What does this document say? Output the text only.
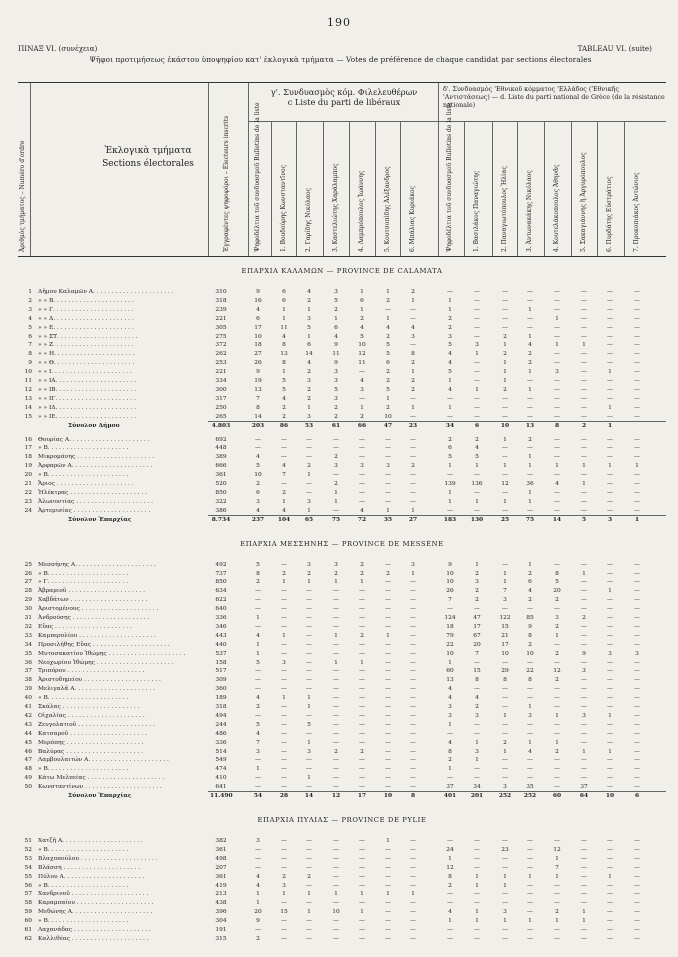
190
ΠΙΝΑΞ VI. (συνέχεια)	TABLEAU VI. (suite)
Ψῆφοι προτιμήσεως ἐκάστου ὑποψηφίου κατ' ἐκλογικὰ τμήματα — Votes de préférence de chaque candidat par sections électorales
Ἀριθμὸς τμήματος – Numéro d'ordre	Ἐκλογικὰ τμήματα
Sections électorales	Ἐγγραφέντες ψηφοφόροι – Électeurs inscrits
γ'. Συνδυασμὸς κόμ. Φιλελευθέρων
c Liste du parti de libéraux
δ'. Συνδυασμὸς 'Εθνικοῦ κόμματος 'Ελλάδος ('Εθνικῆς 'Αντιστάσεως) — d. Liste du parti national de Grèce (de la résistance nationale)
Ψηφοδέλτια τοῦ συνδυασμοῦ Bulletins de la liste	1. Βουδούρης Κωνσταντῖνος	2. Γαρίδης Νικόλαος	3. Καστελιώτης Χαράλαμπος	4. Λαμπρόπουλος Ἰωάννης	5. Κουτσοπίδης Ἀλέξανδρος	6. Μπάλιας Κυριάκος	Ψηφοδέλτια τοῦ συνδυασμοῦ Bulletins de la liste	1. Βασιλάκος Παναγιώτης	2. Παναγιωτόπουλος Ἠλίας	3. Ἀντωνακάκης Νικόλαος	4. Κουτελάκοπουλος Ἀθηνᾶς	5. Σακαγιάννης ἢ Ἀργυρόπουλος	6. Πυρδάτης Εὐστράτιος	7. Προκοπιάκος Ἀντώνιος
ΕΠΑΡΧΙΑ ΚΑΛΑΜΩΝ — PROVINCE DE CALAMATA
1 Δῆμου Καλαμῶν Α. . . . . . . . . . . . . . . . . . . . . .	310	9	6	4	3	1	1	2	—	—	—	—	—	—	—	—
2 » » Β. . . . . . . . . . . . . . . . . . . . . .	318	16	6	2	5	6	2	1	1	—	—	—	—	—	—	—
3 » » Γ. . . . . . . . . . . . . . . . . . . . . .	239	4	1	1	2	1	—	—	1	—	—	1	—	—	—	—
4 » » Δ. . . . . . . . . . . . . . . . . . . . . .	221	6	1	3	1	2	1	—	2	—	—	—	1	—	—	—
5 » » Ε. . . . . . . . . . . . . . . . . . . . . .	305	17	11	5	6	4	4	4	2	—	—	—	—	—	—	—
6 » » ΣΤ. . . . . . . . . . . . . . . . . . . . . .	275	10	4	1	4	5	2	3	3	—	2	1	—	—	—	—
7 » » Ζ. . . . . . . . . . . . . . . . . . . . . .	372	18	8	6	9	10	5	—	5	3	1	4	1	1	—	—
8 » » Η. . . . . . . . . . . . . . . . . . . . . .	262	27	13	14	11	12	5	8	4	1	2	2	—	—	—	—
9 » » Θ. . . . . . . . . . . . . . . . . . . . . .	253	26	8	4	9	11	6	2	4	—	1	2	—	—	—	—
10 » » Ι. . . . . . . . . . . . . . . . . . . . . .	221	9	1	2	3	—	2	1	5	—	1	1	3	—	1	—
11 » » ΙΑ. . . . . . . . . . . . . . . . . . . . . .	334	19	5	3	3	4	2	2	1	—	1	—	—	—	—	—
12 » » ΙΒ. . . . . . . . . . . . . . . . . . . . . .	300	13	5	2	5	3	5	2	4	1	2	1	—	—	—	—
13 » » ΙΓ. . . . . . . . . . . . . . . . . . . . . .	317	7	4	2	3	—	1	—	—	—	—	—	—	—	—	—
14 » » ΙΔ. . . . . . . . . . . . . . . . . . . . . .	250	8	2	1	2	1	2	1	1	—	—	—	—	—	1	—
15 » » ΙΕ. . . . . . . . . . . . . . . . . . . . . .	265	14	2	3	2	2	10	—	—	—	—	—	—	—	—	—
Σύνολον Δήμου	4.803	203	86	53	61	66	47	23	34	6	10	13	8	2	1
16 Θουρίας Α. . . . . . . . . . . . . . . . . . . . . .	692	—	—	—	—	—	—	—	2	2	1	2	—	—	—	—
17 » Β. . . . . . . . . . . . . . . . . . . . . .	448	—	—	—	—	—	—	—	6	4	—	—	—	—	—	—
18 Μικρομάνης . . . . . . . . . . . . . . . . . . . . .	389	4	—	—	2	—	—	—	5	5	—	1	—	—	—	—
19 Ἀρφαρῶν Α. . . . . . . . . . . . . . . . . . . . . .	666	5	4	2	3	3	3	2	1	1	1	1	1	1	1	1
20 » Β. . . . . . . . . . . . . . . . . . . . . .	361	10	7	1	—	—	—	—	—	—	—	—	—	—	—	—
21 Ἄριος . . . . . . . . . . . . . . . . . . . . .	520	2	—	—	2	—	—	—	139	136	12	36	4	1	—	—
22 Ἠλέκτρας . . . . . . . . . . . . . . . . . . . . .	850	6	2	—	1	—	—	—	1	—	—	1	—	—	—	—
23 Ἀλωνοντίας . . . . . . . . . . . . . . . . . . . . .	322	3	1	3	1	—	—	—	1	1	1	1	—	—	—	—
24 Ἀρτεμισίας . . . . . . . . . . . . . . . . . . . . .	386	4	4	1	—	4	1	1	—	—	—	—	—	—	—	—
Σύνολον Ἐπαρχίας	8.734	237	104	65	75	72	35	27	183	130	25	75	14	5	3	1
ΕΠΑΡΧΙΑ ΜΕΣΣΗΝΗΣ — PROVINCE DE MESSÉNE
25 Μεσσήνης Α. . . . . . . . . . . . . . . . . . . . . .	492	5	—	3	3	2	—	3	9	1	—	1	—	—	—	—
26 » Β. . . . . . . . . . . . . . . . . . . . . .	737	8	2	2	2	2	2	1	10	2	1	2	8	1	—	—
27 » Γ. . . . . . . . . . . . . . . . . . . . . .	850	2	1	1	1	1	—	—	10	3	1	6	5	—	—	—
28 Ἀβραμιοῦ . . . . . . . . . . . . . . . . . . . . .	634	—	—	—	—	—	—	—	26	2	7	4	20	—	1	—
29 Χαβδάτων . . . . . . . . . . . . . . . . . . . . .	622	—	—	—	—	—	—	—	7	2	3	2	2	—	—	—
30 Ἀριστομένους . . . . . . . . . . . . . . . . . . . . .	640	—	—	—	—	—	—	—	—	—	—	—	—	—	—	—
31 Ἀνδρούσης . . . . . . . . . . . . . . . . . . . . .	336	1	—	—	—	—	—	—	124	47	122	85	3	2	—	—
32 Εὔας . . . . . . . . . . . . . . . . . . . . .	346	—	—	—	—	—	—	—	18	17	15	9	2	—	—	—
33 Καμπερολίου . . . . . . . . . . . . . . . . . . . . .	443	4	1	—	1	2	1	—	79	67	21	8	1	—	—	—
34 Προσιλήθης Εὔας . . . . . . . . . . . . . . . . . . . . .	440	1	—	—	—	—	—	—	22	20	17	2	—	—	—	—
35 Μυτοσακατίου Ἰθώμης . . . . . . . . . . . . . . . . . . . . .	537	1	—	—	—	—	—	—	10	7	10	10	2	9	3	3
36 Νεοχωρίου Ἰθώμης . . . . . . . . . . . . . . . . . . . . .	158	5	3	—	1	1	—	—	1	—	—	—	—	—	—	—
37 Τριπόρου . . . . . . . . . . . . . . . . . . . . .	517	—	—	—	—	—	—	—	60	15	29	22	12	3	—	—
38 Ἀριστοδημείου . . . . . . . . . . . . . . . . . . . . .	309	—	—	—	—	—	—	—	13	8	8	8	2	—	—	—
39 Μελιγαλᾶ Α. . . . . . . . . . . . . . . . . . . . . .	360	—	—	—	—	—	—	—	4	—	—	—	—	—	—	—
40 » Β. . . . . . . . . . . . . . . . . . . . . .	189	4	1	1	—	—	—	—	4	4	—	—	—	—	—	—
41 Σκάλας . . . . . . . . . . . . . . . . . . . . .	318	2	—	1	—	—	—	—	3	2	—	1	—	—	—	—
42 Οἰχαλίας . . . . . . . . . . . . . . . . . . . . .	494	—	—	—	—	—	—	—	3	3	1	3	1	3	1	—
43 Ζευγολατιοῦ . . . . . . . . . . . . . . . . . . . . .	244	5	—	5	—	—	—	—	1	—	—	—	—	—	—	—
44 Κατσαροῦ . . . . . . . . . . . . . . . . . . . . .	486	4	—	—	—	—	—	—	—	—	—	—	—	—	—	—
45 Μερόπης . . . . . . . . . . . . . . . . . . . . .	336	7	—	1	—	—	—	—	4	1	2	1	1	—	—	—
46 Βαλύρας . . . . . . . . . . . . . . . . . . . . .	514	3	—	3	2	2	—	—	8	3	1	4	2	1	1	—
47 Λαμβουλαιτών Α. . . . . . . . . . . . . . . . . . . . . .	549	—	—	—	—	—	—	—	2	1	—	—	—	—	—	—
48 » Β. . . . . . . . . . . . . . . . . . . . . .	474	1	—	—	—	—	—	—	1	—	—	—	—	—	—	—
49 Κάτω Μελπείας . . . . . . . . . . . . . . . . . . . . .	410	—	—	1	—	—	—	—	—	—	—	—	—	—	—	—
50 Κωνσταντίνων . . . . . . . . . . . . . . . . . . . . .	641	—	—	—	—	—	—	—	37	34	3	35	—	37	—	—
Σύνολον Ἐπαρχίας	11.490	54	28	14	12	17	10	8	401	201	252	252	60	64	10	6
ΕΠΑΡΧΙΑ ΠΥΛΙΑΣ — PROVINCE DE PYLIE
51 Χατζῆ Α. . . . . . . . . . . . . . . . . . . . . .	382	3	—	—	—	—	1	—	—	—	—	—	—	—	—	—
52 » Β. . . . . . . . . . . . . . . . . . . . . .	361	—	—	—	—	—	—	—	24	—	23	—	12	—	—	—
53 Βλαχοπούλου . . . . . . . . . . . . . . . . . . . . .	498	—	—	—	—	—	—	—	1	—	—	—	1	—	—	—
54 Βλάσση . . . . . . . . . . . . . . . . . . . . .	207	—	—	—	—	—	—	—	12	—	—	—	7	—	—	—
55 Πύλου Α. . . . . . . . . . . . . . . . . . . . . .	361	4	2	2	—	—	—	—	8	1	1	1	1	—	1	—
56 » Β. . . . . . . . . . . . . . . . . . . . . .	419	4	3	—	—	—	—	—	2	1	1	—	—	—	—	—
57 Χανδρινοῦ . . . . . . . . . . . . . . . . . . . . .	213	1	1	1	1	1	1	1	—	—	—	—	—	—	—	—
58 Καραμπαίου . . . . . . . . . . . . . . . . . . . . .	438	1	—	—	—	—	—	—	—	—	—	—	—	—	—	—
59 Μεθώνης Α. . . . . . . . . . . . . . . . . . . . . .	396	20	15	1	10	1	—	—	4	1	3	—	2	1	—	—
60 » Β. . . . . . . . . . . . . . . . . . . . . .	304	9	—	—	—	—	—	—	1	1	1	1	1	1	—	—
61 Λαχανάδας . . . . . . . . . . . . . . . . . . . . .	191	—	—	—	—	—	—	—	—	—	—	—	—	—	—	—
62 Καλλιθέας . . . . . . . . . . . . . . . . . . . . .	315	2	—	—	—	—	—	—	—	—	—	—	—	—	—	—
